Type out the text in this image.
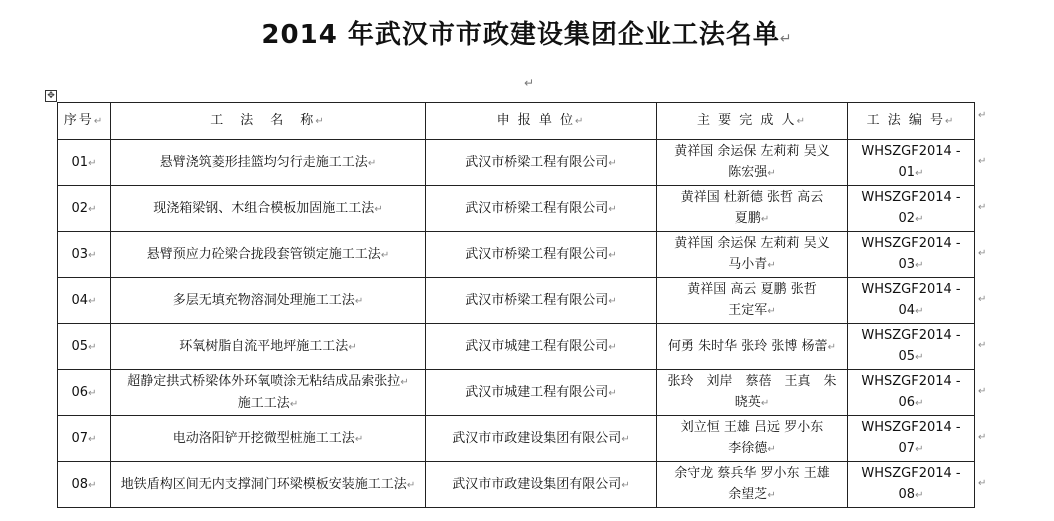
2014 年武汉市市政建设集团企业工法名单↵
↵
✥
序号↵	工　法　名　称↵	申 报 单 位↵	主 要 完 成 人↵	工 法 编 号↵
01↵	悬臂浇筑菱形挂篮均匀行走施工工法↵	武汉市桥梁工程有限公司↵	黄祥国 余运保 左莉莉 吴义
陈宏强↵	WHSZGF2014 -
01↵
02↵	现浇箱梁钢、木组合模板加固施工工法↵	武汉市桥梁工程有限公司↵	黄祥国 杜新德 张哲 高云
夏鹏↵	WHSZGF2014 -
02↵
03↵	悬臂预应力砼梁合拢段套管锁定施工工法↵	武汉市桥梁工程有限公司↵	黄祥国 余运保 左莉莉 吴义
马小青↵	WHSZGF2014 -
03↵
04↵	多层无填充物溶洞处理施工工法↵	武汉市桥梁工程有限公司↵	黄祥国 高云 夏鹏 张哲
王定军↵	WHSZGF2014 -
04↵
05↵	环氧树脂自流平地坪施工工法↵	武汉市城建工程有限公司↵	何勇 朱时华 张玲 张博 杨蕾↵	WHSZGF2014 -
05↵
06↵	超静定拱式桥梁体外环氧喷涂无粘结成品索张拉↵
施工工法↵	武汉市城建工程有限公司↵	张玲　刘岸　蔡蓓　王真　朱
晓英↵	WHSZGF2014 -
06↵
07↵	电动洛阳铲开挖微型桩施工工法↵	武汉市市政建设集团有限公司↵	刘立恒 王雄 吕远 罗小东
李徐德↵	WHSZGF2014 -
07↵
08↵	地铁盾构区间无内支撑洞门环梁模板安装施工工法↵	武汉市市政建设集团有限公司↵	余守龙 蔡兵华 罗小东 王雄
余望芝↵	WHSZGF2014 -
08↵
↵
↵
↵
↵
↵
↵
↵
↵
↵
